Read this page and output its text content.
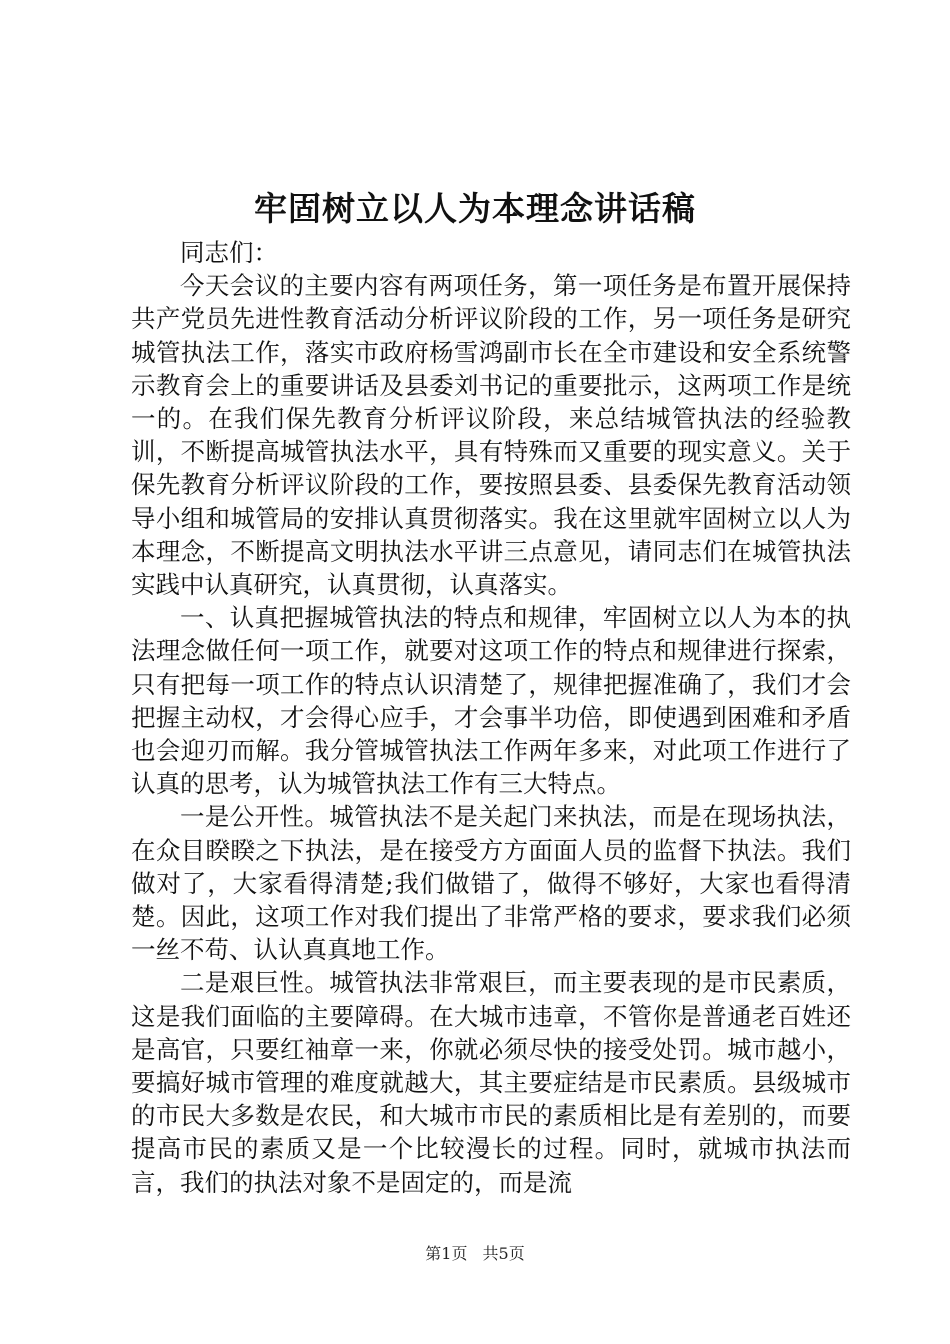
牢固树立以人为本理念讲话稿

同志们：

今天会议的主要内容有两项任务，第一项任务是布置开展保持共产党员先进性教育活动分析评议阶段的工作，另一项任务是研究城管执法工作，落实市政府杨雪鸿副市长在全市建设和安全系统警示教育会上的重要讲话及县委刘书记的重要批示，这两项工作是统一的。在我们保先教育分析评议阶段，来总结城管执法的经验教训，不断提高城管执法水平，具有特殊而又重要的现实意义。关于保先教育分析评议阶段的工作，要按照县委、县委保先教育活动领导小组和城管局的安排认真贯彻落实。我在这里就牢固树立以人为本理念，不断提高文明执法水平讲三点意见，请同志们在城管执法实践中认真研究，认真贯彻，认真落实。

一、认真把握城管执法的特点和规律，牢固树立以人为本的执法理念做任何一项工作，就要对这项工作的特点和规律进行探索，只有把每一项工作的特点认识清楚了，规律把握准确了，我们才会把握主动权，才会得心应手，才会事半功倍，即使遇到困难和矛盾也会迎刃而解。我分管城管执法工作两年多来，对此项工作进行了认真的思考，认为城管执法工作有三大特点。

一是公开性。城管执法不是关起门来执法，而是在现场执法，在众目睽睽之下执法，是在接受方方面面人员的监督下执法。我们做对了，大家看得清楚;我们做错了，做得不够好，大家也看得清楚。因此，这项工作对我们提出了非常严格的要求，要求我们必须一丝不苟、认认真真地工作。

二是艰巨性。城管执法非常艰巨，而主要表现的是市民素质，这是我们面临的主要障碍。在大城市违章，不管你是普通老百姓还是高官，只要红袖章一来，你就必须尽快的接受处罚。城市越小，要搞好城市管理的难度就越大，其主要症结是市民素质。县级城市的市民大多数是农民，和大城市市民的素质相比是有差别的，而要提高市民的素质又是一个比较漫长的过程。同时，就城市执法而言，我们的执法对象不是固定的，而是流

第1页 共5页
